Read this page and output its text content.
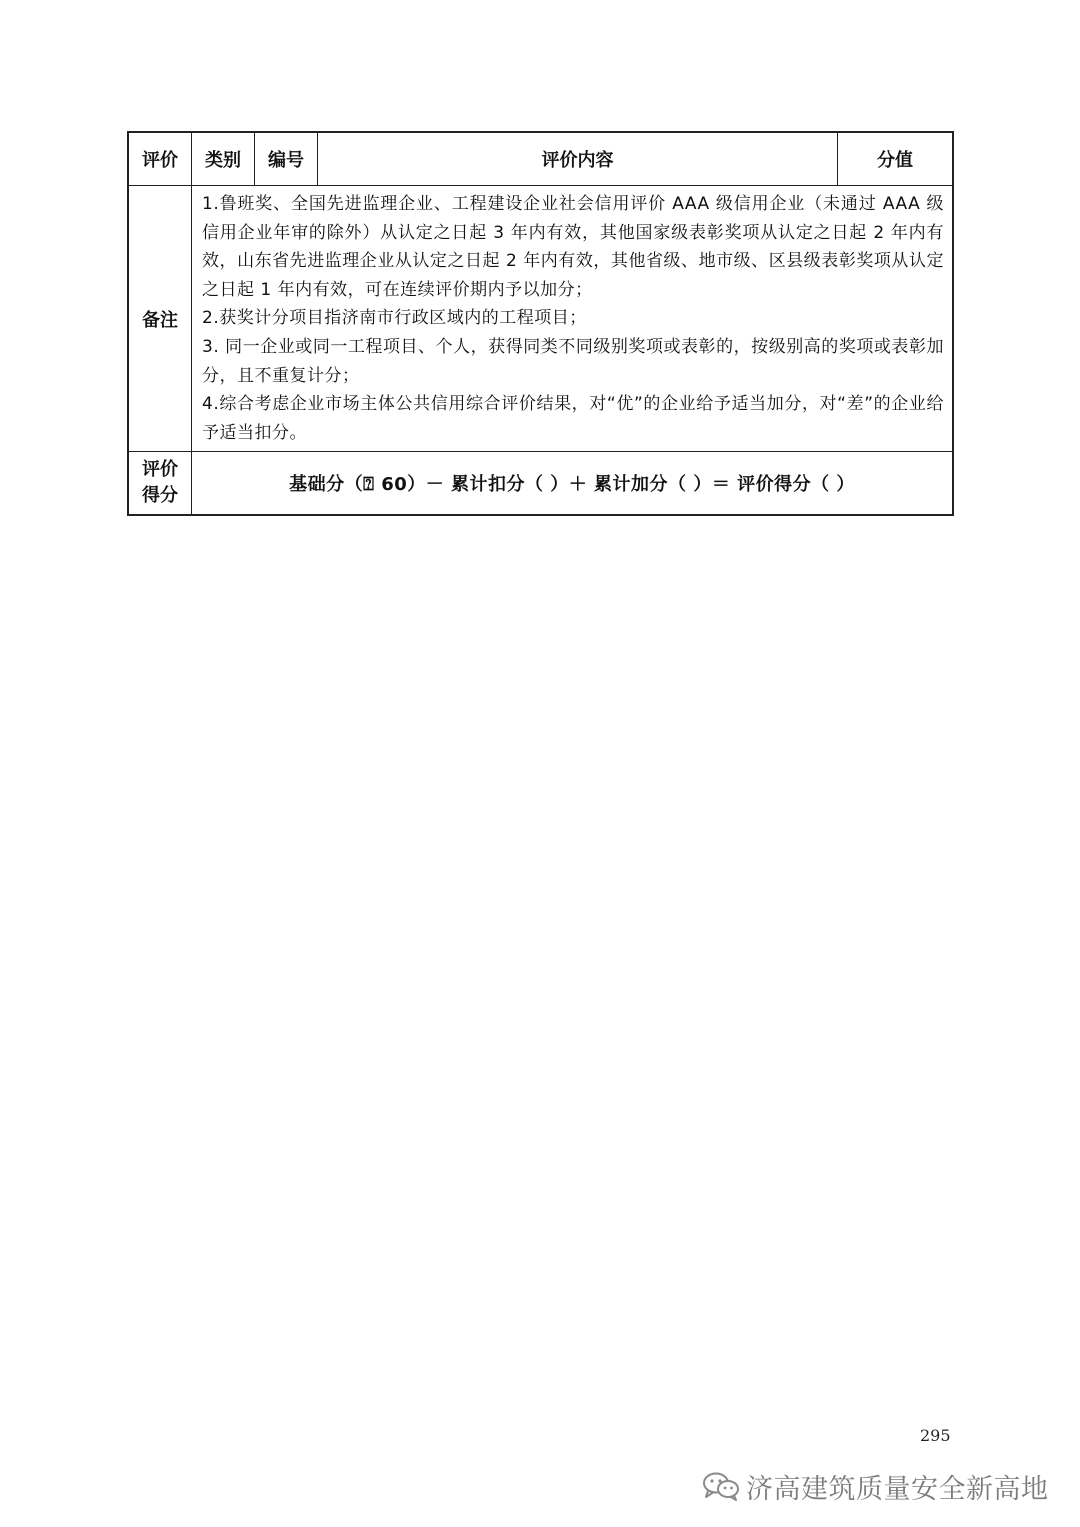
评价	类别	编号	评价内容	分值
备注	1.鲁班奖、全国先进监理企业、工程建设企业社会信用评价 AAA 级信用企业（未通过 AAA 级信用企业年审的除外）从认定之日起 3 年内有效，其他国家级表彰奖项从认定之日起 2 年内有效，山东省先进监理企业从认定之日起 2 年内有效，其他省级、地市级、区县级表彰奖项从认定之日起 1 年内有效，可在连续评价期内予以加分；

2.获奖计分项目指济南市行政区域内的工程项目；

3. 同一企业或同一工程项目、个人，获得同类不同级别奖项或表彰的，按级别高的奖项或表彰加分，且不重复计分；

4.综合考虑企业市场主体公共信用综合评价结果，对“优”的企业给予适当加分，对“差”的企业给予适当扣分。			

评价
得分	基础分（⍰ 60）－ 累计扣分（ ）＋ 累计加分（ ）＝ 评价得分（ ）			
295
济高建筑质量安全新高地
